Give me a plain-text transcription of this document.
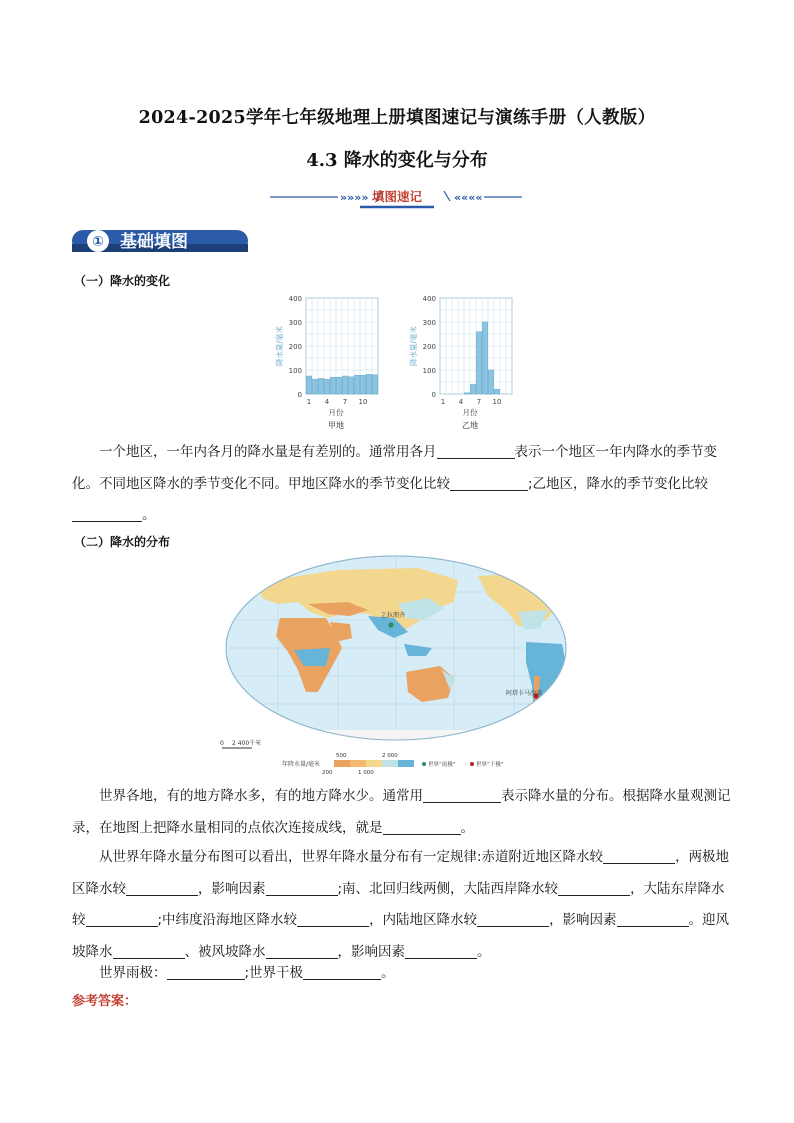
2024-2025学年七年级地理上册填图速记与演练手册（人教版）
4.3 降水的变化与分布
»»»» 填图速记	««««
① 基础填图
（一）降水的变化
400
300
200
100
0
1 4 7 10
月份
甲地
降水量/毫米
400
300
200
100
0
1 4 7 10
月份
乙地
降水量/毫米
一个地区，一年内各月的降水量是有差别的。通常用各月	表示一个地区一年内降水的季节变化。不同地区降水的季节变化不同。甲地区降水的季节变化比较	;乙地区，降水的季节变化比较。
（二）降水的分布
乞拉朋齐
阿塔卡马沙漠
0 2 400千米
年降水量/毫米
500	2 000
200	1 000
世界“雨极”	世界“干极”
世界各地，有的地方降水多，有的地方降水少。通常用	表示降水量的分布。根据降水量观测记录，在地图上把降水量相同的点依次连接成线，就是	。
从世界年降水量分布图可以看出，世界年降水量分布有一定规律:赤道附近地区降水较	，两极地区降水较	，影响因素	;南、北回归线两侧，大陆西岸降水较	，大陆东岸降水较	;中纬度沿海地区降水较	，内陆地区降水较	，影响因素	。迎风坡降水	、被风坡降水	，影响因素	。
世界雨极：	;世界干极	。
参考答案：
